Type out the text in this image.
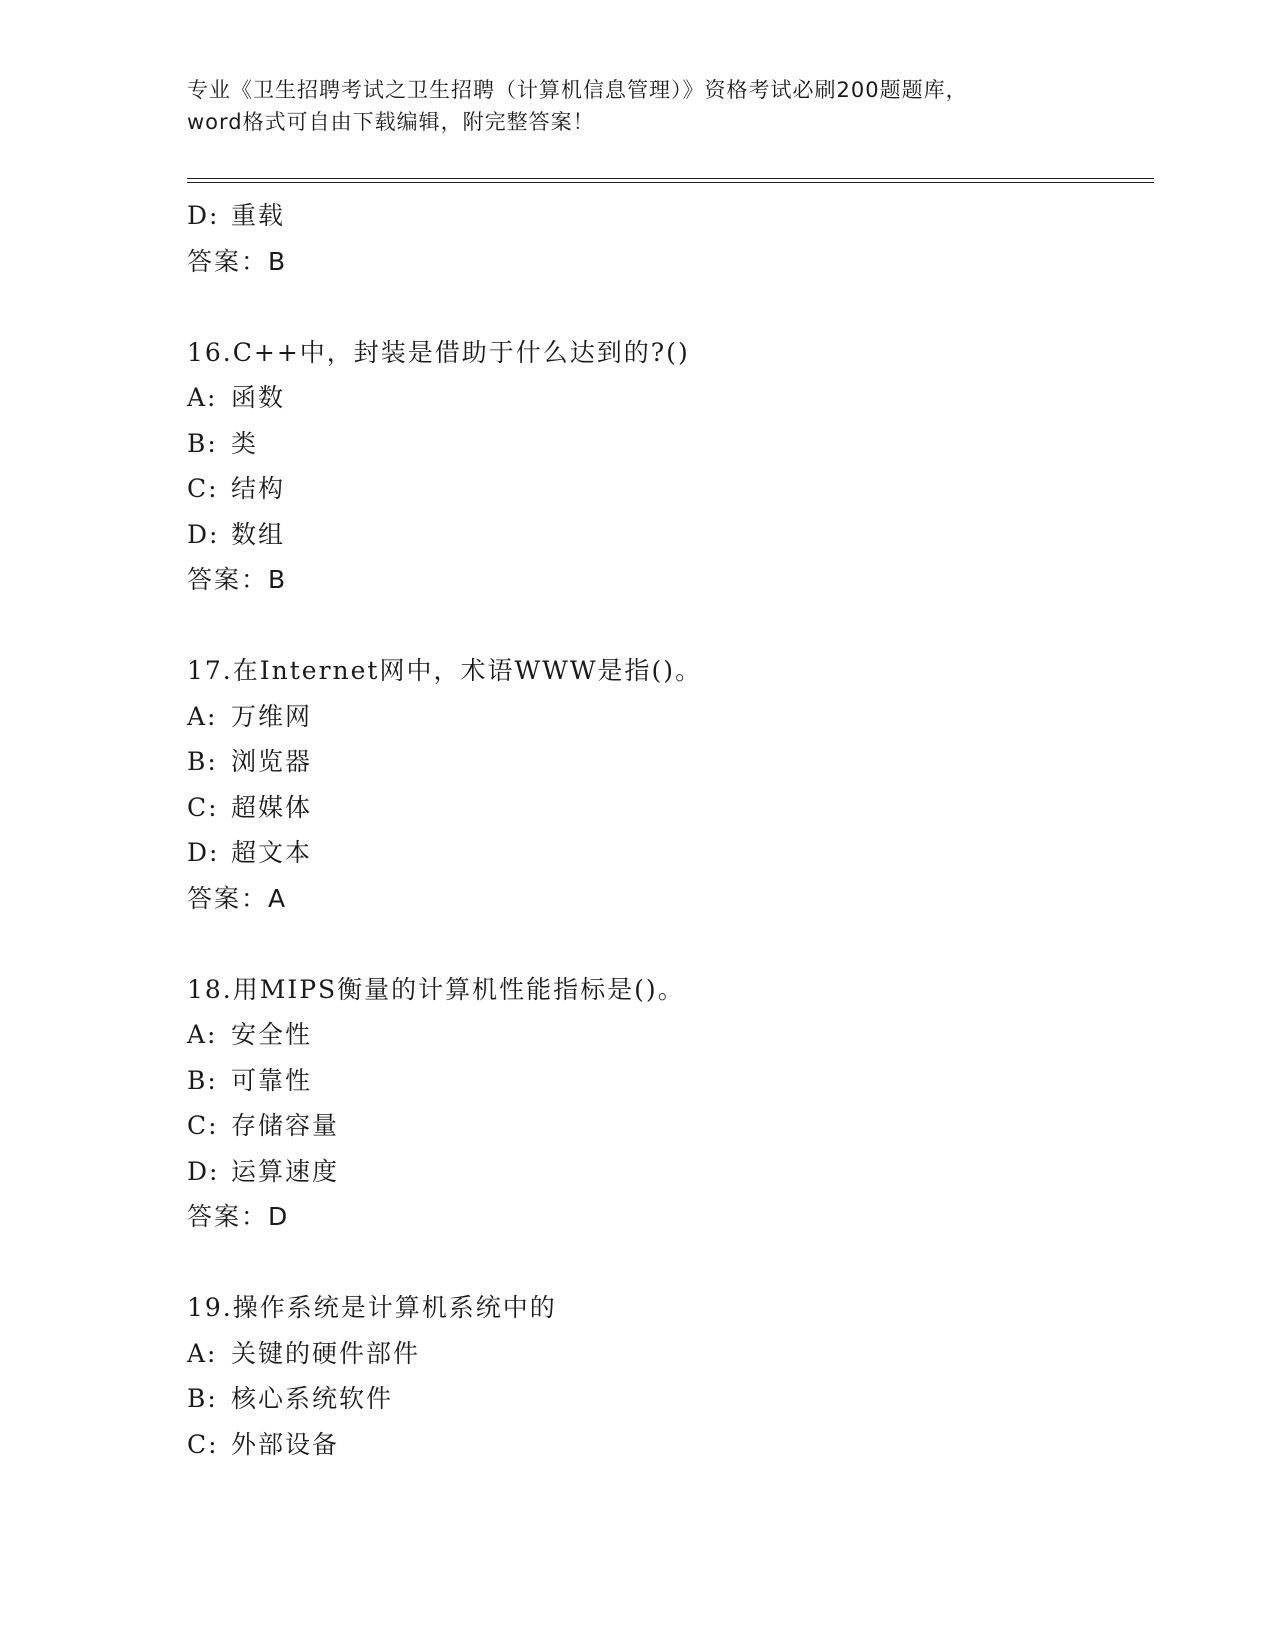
专业《卫生招聘考试之卫生招聘（计算机信息管理）》资格考试必刷200题题库，
word格式可自由下载编辑，附完整答案！
D: 重载
答案：B
16.C++中，封装是借助于什么达到的?()
A: 函数
B: 类
C: 结构
D: 数组
答案：B
17.在Internet网中，术语WWW是指()。
A: 万维网
B: 浏览器
C: 超媒体
D: 超文本
答案：A
18.用MIPS衡量的计算机性能指标是()。
A: 安全性
B: 可靠性
C: 存储容量
D: 运算速度
答案：D
19.操作系统是计算机系统中的
A: 关键的硬件部件
B: 核心系统软件
C: 外部设备
